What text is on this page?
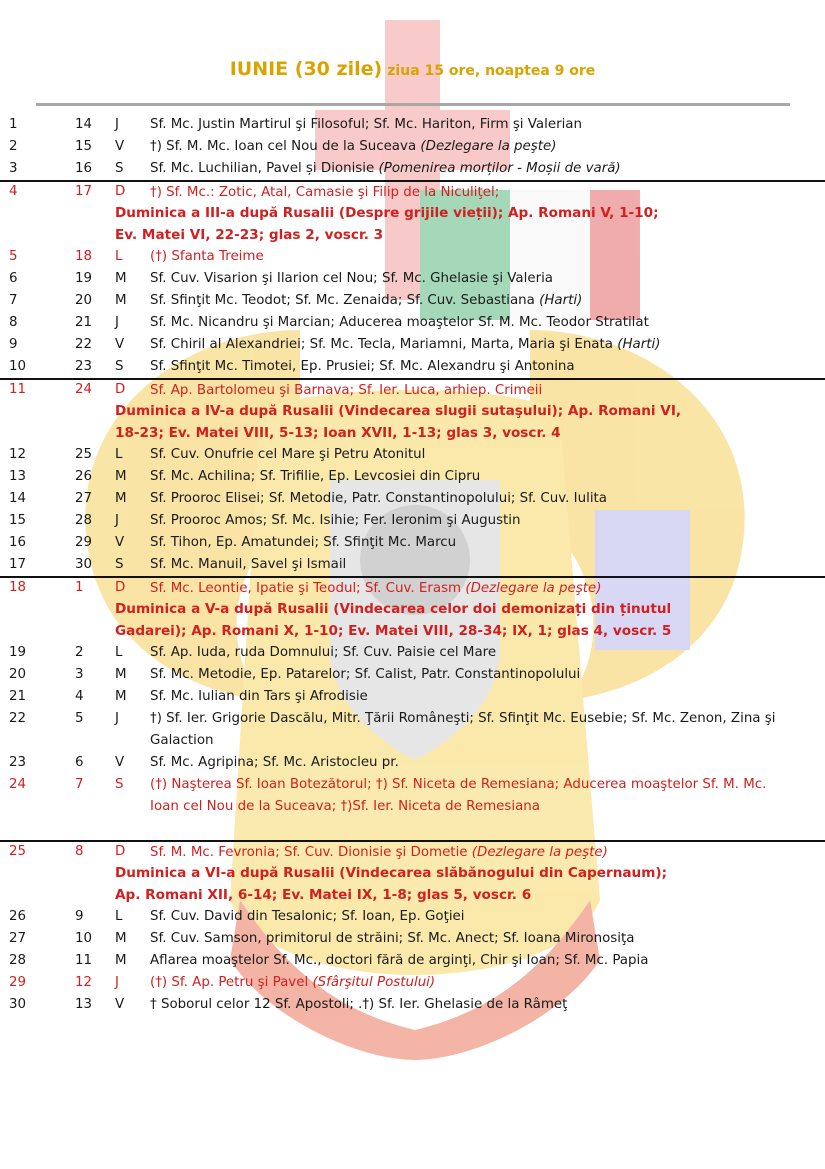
IUNIE (30 zile) ziua 15 ore, noaptea 9 ore
1	14 J Sf. Mc. Justin Martirul şi Filosoful; Sf. Mc. Hariton, Firm şi Valerian
2	15 V †) Sf. M. Mc. Ioan cel Nou de la Suceava (Dezlegare la peşte)
3	16 S Sf. Mc. Luchilian, Pavel și Dionisie (Pomenirea morților - Moșii de vară)
4	17 D †) Sf. Mc.: Zotic, Atal, Camasie şi Filip de la Niculiţel;
Duminica a III-a după Rusalii (Despre grijile vieții); Ap. Romani V, 1-10;
Ev. Matei VI, 22-23; glas 2, voscr. 3
5	18 L (†) Sfanta Treime
6	19 M Sf. Cuv. Visarion şi Ilarion cel Nou; Sf. Mc. Ghelasie şi Valeria
7	20 M Sf. Sfinţit Mc. Teodot; Sf. Mc. Zenaida; Sf. Cuv. Sebastiana (Harti)
8	21 J Sf. Mc. Nicandru şi Marcian; Aducerea moaştelor Sf. M. Mc. Teodor Stratilat
9	22 V Sf. Chiril al Alexandriei; Sf. Mc. Tecla, Mariamni, Marta, Maria şi Enata (Harti)
10	23 S Sf. Sfinţit Mc. Timotei, Ep. Prusiei; Sf. Mc. Alexandru şi Antonina
11	24 D Sf. Ap. Bartolomeu şi Barnava; Sf. Ier. Luca, arhiep. Crimeii
Duminica a IV-a după Rusalii (Vindecarea slugii sutaşului); Ap. Romani VI,
18-23; Ev. Matei VIII, 5-13; Ioan XVII, 1-13; glas 3, voscr. 4
12	25 L Sf. Cuv. Onufrie cel Mare şi Petru Atonitul
13	26 M Sf. Mc. Achilina; Sf. Trifilie, Ep. Levcosiei din Cipru
14	27 M Sf. Prooroc Elisei; Sf. Metodie, Patr. Constantinopolului; Sf. Cuv. Iulita
15	28 J Sf. Prooroc Amos; Sf. Mc. Isihie; Fer. Ieronim şi Augustin
16	29 V Sf. Tihon, Ep. Amatundei; Sf. Sfinţit Mc. Marcu
17	30 S Sf. Mc. Manuil, Savel şi Ismail
18	1 D Sf. Mc. Leontie, Ipatie şi Teodul; Sf. Cuv. Erasm (Dezlegare la peşte)
Duminica a V-a după Rusalii (Vindecarea celor doi demonizați din ținutul
Gadarei); Ap. Romani X, 1-10; Ev. Matei VIII, 28-34; IX, 1; glas 4, voscr. 5
19	2 L Sf. Ap. Iuda, ruda Domnului; Sf. Cuv. Paisie cel Mare
20	3 M Sf. Mc. Metodie, Ep. Patarelor; Sf. Calist, Patr. Constantinopolului
21	4 M Sf. Mc. Iulian din Tars şi Afrodisie
22	5 J †) Sf. Ier. Grigorie Dascălu, Mitr. Ţării Româneşti; Sf. Sfinţit Mc. Eusebie; Sf. Mc. Zenon, Zina şi Galaction
23	6 V Sf. Mc. Agripina; Sf. Mc. Aristocleu pr.
24	7 S (†) Naşterea Sf. Ioan Botezătorul; †) Sf. Niceta de Remesiana; Aducerea moaştelor Sf. M. Mc. Ioan cel Nou de la Suceava; †)Sf. Ier. Niceta de Remesiana
25	8 D Sf. M. Mc. Fevronia; Sf. Cuv. Dionisie şi Dometie (Dezlegare la peşte)
Duminica a VI-a după Rusalii (Vindecarea slăbănogului din Capernaum);
Ap. Romani XII, 6-14; Ev. Matei IX, 1-8; glas 5, voscr. 6
26	9 L Sf. Cuv. David din Tesalonic; Sf. Ioan, Ep. Goţiei
27	10 M Sf. Cuv. Samson, primitorul de străini; Sf. Mc. Anect; Sf. Ioana Mironosiţa
28	11 M Aflarea moaştelor Sf. Mc., doctori fără de arginţi, Chir şi Ioan; Sf. Mc. Papia
29	12 J (†) Sf. Ap. Petru şi Pavel (Sfârşitul Postului)
30	13 V † Soborul celor 12 Sf. Apostoli; .†) Sf. Ier. Ghelasie de la Râmeţ
